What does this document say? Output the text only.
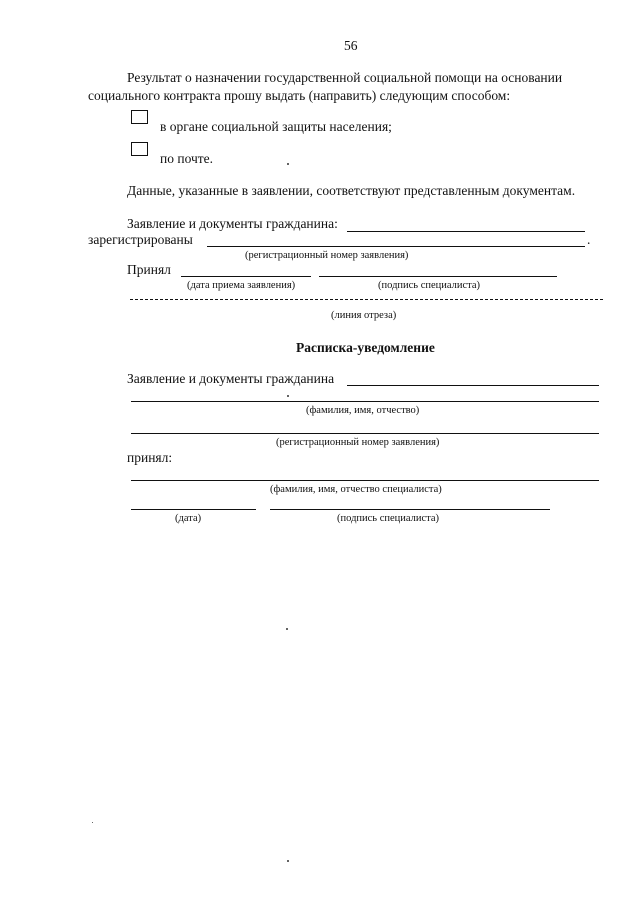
56
Результат о назначении государственной социальной помощи на основании
социального контракта прошу выдать (направить) следующим способом:
в органе социальной защиты населения;
по почте.
Данные, указанные в заявлении, соответствуют представленным документам.
Заявление и документы гражданина:
зарегистрированы	.
(регистрационный номер заявления)
Принял
(дата приема заявления)	(подпись специалиста)
(линия отреза)
Расписка-уведомление
Заявление и документы гражданина
(фамилия, имя, отчество)
(регистрационный номер заявления)
принял:
(фамилия, имя, отчество специалиста)
(дата)	(подпись специалиста)
